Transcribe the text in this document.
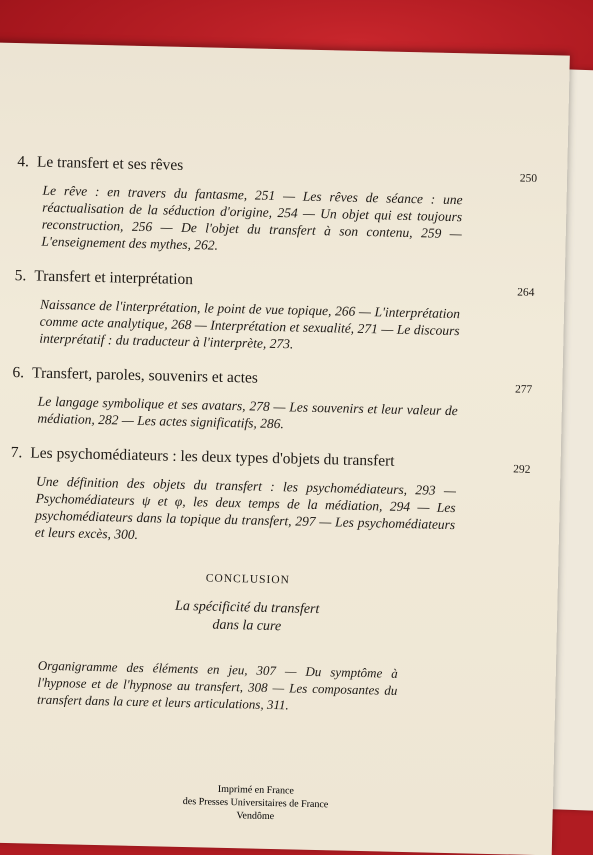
4. Le transfert et ses rêves
250
Le rêve : en travers du fantasme, 251 — Les rêves de séance : une réactualisation de la séduction d'origine, 254 — Un objet qui est toujours reconstruction, 256 — De l'objet du transfert à son contenu, 259 — L'enseignement des mythes, 262.
5. Transfert et interprétation
264
Naissance de l'interprétation, le point de vue topique, 266 — L'interprétation comme acte analytique, 268 — Interprétation et sexualité, 271 — Le discours interprétatif : du traducteur à l'interprète, 273.
6. Transfert, paroles, souvenirs et actes
277
Le langage symbolique et ses avatars, 278 — Les souvenirs et leur valeur de médiation, 282 — Les actes significatifs, 286.
7. Les psychomédiateurs : les deux types d'objets du transfert	292
Une définition des objets du transfert : les psychomédiateurs, 293 — Psychomédiateurs ψ et φ, les deux temps de la médiation, 294 — Les psychomédiateurs dans la topique du transfert, 297 — Les psychomédiateurs et leurs excès, 300.
CONCLUSION
La spécificité du transfert
dans la cure
Organigramme des éléments en jeu, 307 — Du symptôme à l'hypnose et de l'hypnose au transfert, 308 — Les composantes du transfert dans la cure et leurs articulations, 311.
Imprimé en France
des Presses Universitaires de France
Vendôme
